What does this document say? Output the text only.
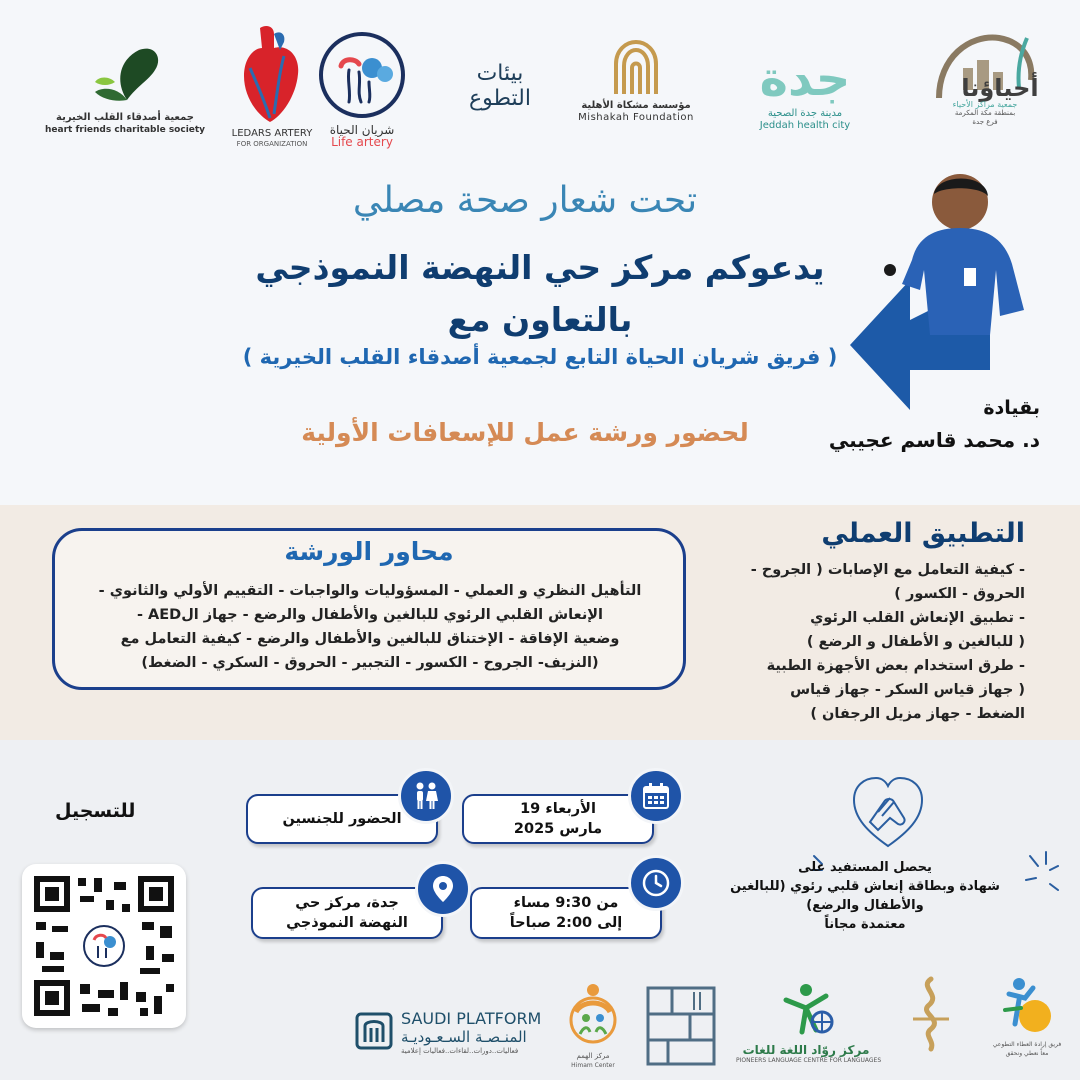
جمعية أصدقاء القلب الخيرية
heart friends charitable society	LEDARS ARTERY
FOR ORGANIZATION
شريان الحياة
Life artery
بيئات
التطوع	مؤسسة مشكاة الأهلية
Mishakah Foundation
جدة
مدينة جدة الصحية
Jeddah health city
أحياؤنا
جمعية مراكز الأحياء
بمنطقة مكة المكرمة
فرع جدة
تحت شعار صحة مصلي
يدعوكم مركز حي النهضة النموذجي
بالتعاون مع
( فريق شريان الحياة التابع لجمعية أصدقاء القلب الخيرية )
لحضور ورشة عمل للإسعافات الأولية
بقيادة
د. محمد قاسم عجيبي
التطبيق العملي
- كيفية التعامل مع الإصابات ( الجروح -
الحروق - الكسور )
- تطبيق الإنعاش القلب الرئوي
( للبالغين و الأطفال و الرضع )
- طرق استخدام بعض الأجهزة الطبية
( جهاز قياس السكر - جهاز قياس
الضغط - جهاز مزيل الرجفان )
محاور الورشة
التأهيل النظري و العملي - المسؤوليات والواجبات - التقييم الأولي والثانوي -
الإنعاش القلبي الرئوي للبالغين والأطفال والرضع - جهاز الAED -
وضعية الإفاقة - الإختناق للبالغين والأطفال والرضع - كيفية التعامل مع
(النزيف- الجروح - الكسور - التجبير - الحروق - السكري - الضغط)
للتسجيل	الحضور للجنسين
الأربعاء 19
مارس 2025
جدة، مركز حي
النهضة النموذجي
من 9:30 مساء
إلى 2:00 صباحاً
يحصل المستفيد على
شهادة وبطاقة إنعاش قلبي رئوي (للبالغين والأطفال والرضع)
معتمدة مجاناً
SAUDI PLATFORM
المنـصـة السـعـوديـة
فعاليات..دورات..لقاءات..فعاليات إعلامية
مركز الهمم
Himam Center
مركز روّاد اللغة للغات
PIONEERS LANGUAGE CENTRE FOR LANGUAGES
فريق إرادة العطاء التطوعي
معاً نعطي ونحقق
